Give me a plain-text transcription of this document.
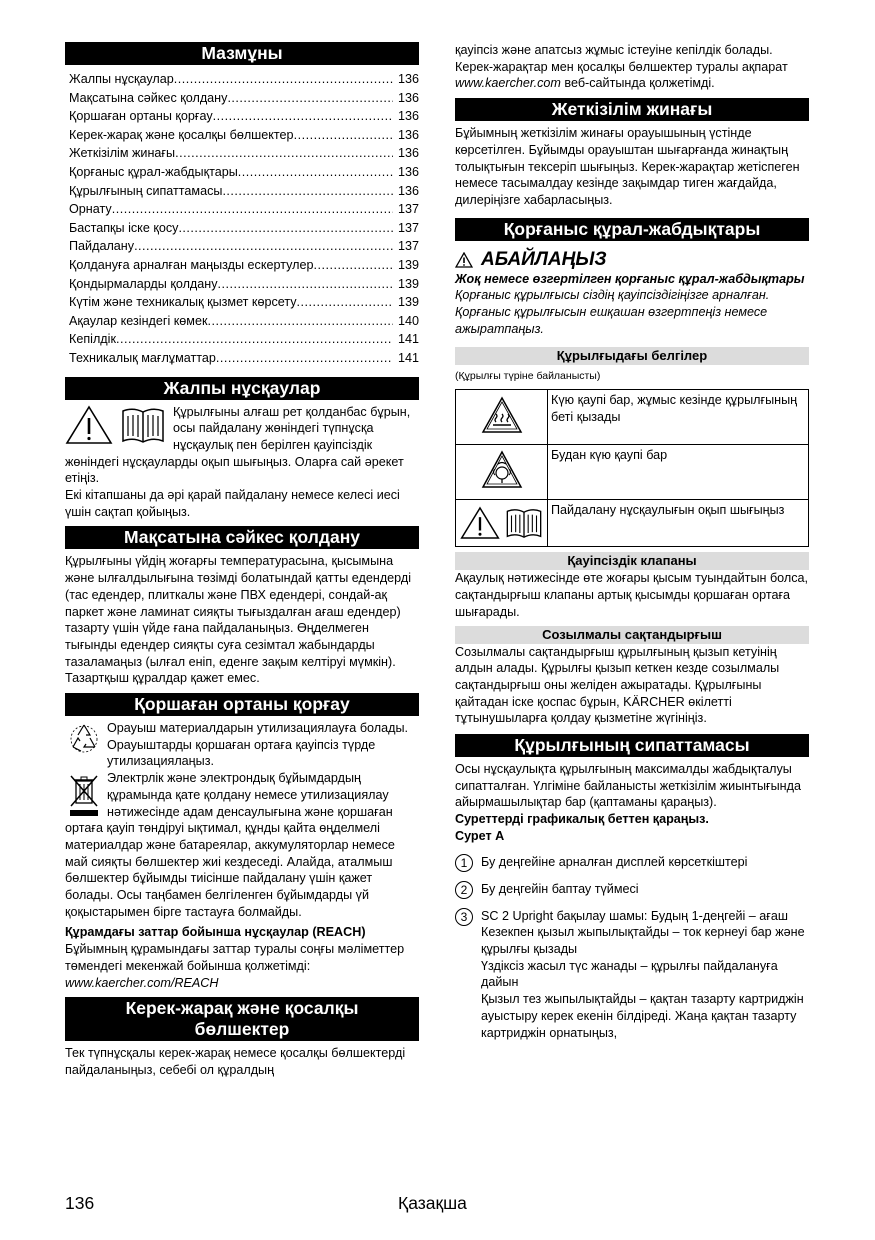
Мазмұны
Жалпы нұсқаулар .....	136
Мақсатына сәйкес қолдану .....	136
Қоршаған ортаны қорғау .....	136
Керек-жарақ және қосалқы бөлшектер .....	136
Жеткізілім жинағы .....	136
Қорғаныс құрал-жабдықтары .....	136
Құрылғының сипаттамасы .....	136
Орнату .....	137
Бастапқы іске қосу .....	137
Пайдалану .....	137
Қолдануға арналған маңызды ескертулер .....	139
Қондырмаларды қолдану .....	139
Күтім және техникалық қызмет көрсету .....	139
Ақаулар кезіндегі көмек .....	140
Кепілдік .....	141
Техникалық мағлұматтар .....	141
Жалпы нұсқаулар

Құрылғыны алғаш рет қолданбас бұрын, осы пайдалану жөніндегі түпнұсқа нұсқаулық пен берілген қауіпсіздік жөніндегі нұсқауларды оқып шығыңыз. Оларға сай әрекет етіңіз.

Екі кітапшаны да әрі қарай пайдалану немесе келесі иесі үшін сақтап қойыңыз.

Мақсатына сәйкес қолдану

Құрылғыны үйдің жоғарғы температурасына, қысымына және ылғалдылығына төзімді болатындай қатты едендерді (тас едендер, плиткалы және ПВХ едендері, сондай-ақ паркет және ламинат сияқты тығыздалған ағаш едендер) тазарту үшін үйде ғана пайдаланыңыз. Өңделмеген тығынды едендер сияқты суға сезімтал жабындарды тазаламаңыз (ылғал еніп, еденге зақым келтіруі мүмкін).

Тазартқыш құралдар қажет емес.

Қоршаған ортаны қорғау

Орауыш материалдарын утилизациялауға болады. Орауыштарды қоршаған ортаға қауіпсіз түрде утилизациялаңыз.

Электрлік және электрондық бұйымдардың құрамында қате қолдану немесе утилизациялау нәтижесінде адам денсаулығына және қоршаған ортаға қауіп төндіруі ықтимал, құнды қайта өңделмелі материалдар және батареялар, аккумуляторлар немесе май сияқты бөлшектер жиі кездеседі. Алайда, аталмыш бөлшектер бұйымды тиісінше пайдалану үшін қажет болады. Осы таңбамен белгіленген бұйымдарды үй қоқыстарымен бірге тастауға болмайды.

Құрамдағы заттар бойынша нұсқаулар (REACH)

Бұйымның құрамындағы заттар туралы соңғы мәліметтер төмендегі мекенжай бойынша қолжетімді: www.kaercher.com/REACH

Керек-жарақ және қосалқы
бөлшектер

Тек түпнұсқалы керек-жарақ немесе қосалқы бөлшектерді пайдаланыңыз, себебі ол құралдың

қауіпсіз және апатсыз жұмыс істеуіне кепілдік болады.

Керек-жарақтар мен қосалқы бөлшектер туралы ақпарат www.kaercher.com веб-сайтында қолжетімді.

Жеткізілім жинағы

Бұйымның жеткізілім жинағы орауышының үстінде көрсетілген. Бұйымды орауыштан шығарғанда жинақтың толықтығын тексеріп шығыңыз. Керек-жарақтар жетіспеген немесе тасымалдау кезінде зақымдар тиген жағдайда, дилеріңізге хабарласыңыз.

Қорғаныс құрал-жабдықтары
АБАЙЛАҢЫЗ

Жоқ немесе өзгертілген қорғаныс құрал-жабдықтары

Қорғаныс құрылғысы сіздің қауіпсіздігіңізге арналған.

Қорғаныс құрылғысын ешқашан өзгертпеңіз немесе ажыратпаңыз.

Құрылғыдағы белгілер

(Құрылғы түріне байланысты)

	Күю қаупі бар, жұмыс кезінде құрылғының беті қызады
	Будан күю қаупі бар

	Пайдалану нұсқаулығын оқып шығыңыз
Қауіпсіздік клапаны

Ақаулық нәтижесінде өте жоғары қысым туындайтын болса, сақтандырғыш клапаны артық қысымды қоршаған ортаға шығарады.

Созылмалы сақтандырғыш

Созылмалы сақтандырғыш құрылғының қызып кетуінің алдын алады. Құрылғы қызып кеткен кезде созылмалы сақтандырғыш оны желіден ажыратады. Құрылғыны қайтадан іске қоспас бұрын, KÄRCHER өкілетті тұтынушыларға қолдау қызметіне жүгініңіз.

Құрылғының сипаттамасы

Осы нұсқаулықта құрылғының максималды жабдықталуы сипатталған. Үлгіміне байланысты жеткізілім жиынтығында айырмашылықтар бар (қаптаманы қараңыз).

Суреттерді графикалық беттен қараңыз.

Сурет А

1	Бу деңгейіне арналған дисплей көрсеткіштері

2	Бу деңгейін баптау түймесі

3	SC 2 Upright бақылау шамы: Будың 1-деңгейі – ағаш

Кезекпен қызыл жыпылықтайды – ток кернеуі бар және құрылғы қызады

Үздіксіз жасыл түс жанады – құрылғы пайдалануға дайын

Қызыл тез жыпылықтайды – қақтан тазарту картриджін ауыстыру керек екенін білдіреді. Жаңа қақтан тазарту картриджін орнатыңыз,

136	Қазақша
